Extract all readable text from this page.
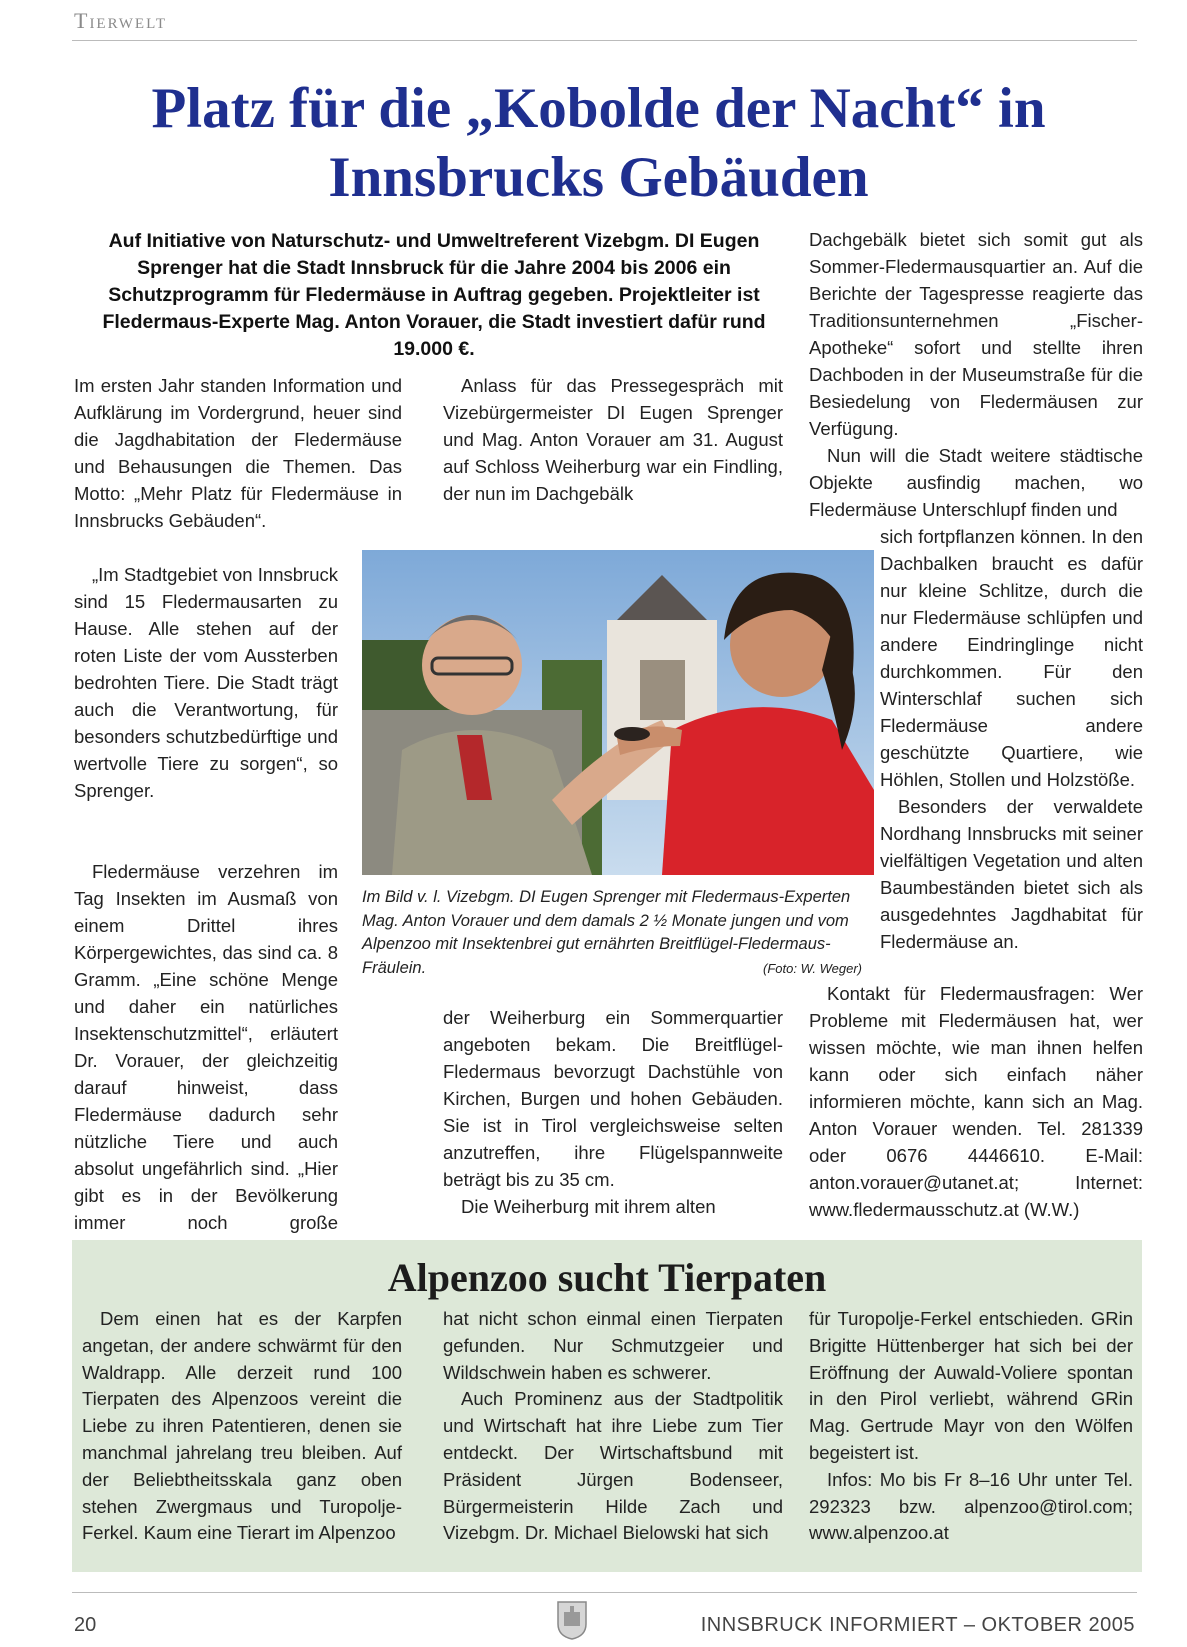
Tierwelt
Platz für die „Kobolde der Nacht“ in Innsbrucks Gebäuden
Auf Initiative von Naturschutz- und Umweltreferent Vizebgm. DI Eugen Sprenger hat die Stadt Innsbruck für die Jahre 2004 bis 2006 ein Schutzprogramm für Fledermäuse in Auftrag gegeben. Projektleiter ist Fledermaus-Experte Mag. Anton Vorauer, die Stadt investiert dafür rund 19.000 €.

Im ersten Jahr standen Information und Aufklärung im Vordergrund, heuer sind die Jagdhabitation der Fledermäuse und Behausungen die Themen. Das Motto: „Mehr Platz für Fledermäuse in Innsbrucks Gebäuden“.

„Im Stadtgebiet von Innsbruck sind 15 Fledermausarten zu Hause. Alle stehen auf der roten Liste der vom Aussterben bedrohten Tiere. Die Stadt trägt auch die Verantwortung, für besonders schutzbedürftige und wertvolle Tiere zu sorgen“, so Sprenger.

Fledermäuse verzehren im Tag Insekten im Ausmaß von einem Drittel ihres Körpergewichtes, das sind ca. 8 Gramm. „Eine schöne Menge und daher ein natürliches Insektenschutzmittel“, erläutert Dr. Vorauer, der gleichzeitig darauf hinweist, dass Fledermäuse dadurch sehr nützliche Tiere und auch absolut ungefährlich sind. „Hier gibt es in der Bevölkerung immer noch große

Anlass für das Pressegespräch mit Vizebürgermeister DI Eugen Sprenger und Mag. Anton Vorauer am 31. August auf Schloss Weiherburg war ein Findling, der nun im Dachgebälk

der Weiherburg ein Sommerquartier angeboten bekam. Die Breitflügel-Fledermaus bevorzugt Dachstühle von Kirchen, Burgen und hohen Gebäuden. Sie ist in Tirol vergleichsweise selten anzutreffen, ihre Flügelspannweite beträgt bis zu 35 cm.

Die Weiherburg mit ihrem alten

Dachgebälk bietet sich somit gut als Sommer-Fledermausquartier an. Auf die Berichte der Tagespresse reagierte das Traditionsunternehmen „Fischer-Apotheke“ sofort und stellte ihren Dachboden in der Museumstraße für die Besiedelung von Fledermäusen zur Verfügung.

Nun will die Stadt weitere städtische Objekte ausfindig machen, wo Fledermäuse Unterschlupf finden und

sich fortpflanzen können. In den Dachbalken braucht es dafür nur kleine Schlitze, durch die nur Fledermäuse schlüpfen und andere Eindringlinge nicht durchkommen. Für den Winterschlaf suchen sich Fledermäuse andere geschützte Quartiere, wie Höhlen, Stollen und Holzstöße.

Besonders der verwaldete Nordhang Innsbrucks mit seiner vielfältigen Vegetation und alten Baumbeständen bietet sich als ausgedehntes Jagdhabitat für Fledermäuse an.

Kontakt für Fledermausfragen: Wer Probleme mit Fledermäusen hat, wer wissen möchte, wie man ihnen helfen kann oder sich einfach näher informieren möchte, kann sich an Mag. Anton Vorauer wenden. Tel. 281339 oder 0676 4446610. E-Mail: anton.vorauer@utanet.at; Internet: www.fledermausschutz.at (W.W.)

Im Bild v. l. Vizebgm. DI Eugen Sprenger mit Fledermaus-Experten Mag. Anton Vorauer und dem damals 2 ½ Monate jungen und vom Alpenzoo mit Insektenbrei gut ernährten Breitflügel-Fledermaus-Fräulein.	(Foto: W. Weger)
Alpenzoo sucht Tierpaten

Dem einen hat es der Karpfen angetan, der andere schwärmt für den Waldrapp. Alle derzeit rund 100 Tierpaten des Alpenzoos vereint die Liebe zu ihren Patentieren, denen sie manchmal jahrelang treu bleiben. Auf der Beliebtheitsskala ganz oben stehen Zwergmaus und Turopolje-Ferkel. Kaum eine Tierart im Alpenzoo

hat nicht schon einmal einen Tierpaten gefunden. Nur Schmutzgeier und Wildschwein haben es schwerer.

Auch Prominenz aus der Stadtpolitik und Wirtschaft hat ihre Liebe zum Tier entdeckt. Der Wirtschaftsbund mit Präsident Jürgen Bodenseer, Bürgermeisterin Hilde Zach und Vizebgm. Dr. Michael Bielowski hat sich

für Turopolje-Ferkel entschieden. GRin Brigitte Hüttenberger hat sich bei der Eröffnung der Auwald-Voliere spontan in den Pirol verliebt, während GRin Mag. Gertrude Mayr von den Wölfen begeistert ist.

Infos: Mo bis Fr 8–16 Uhr unter Tel. 292323 bzw. alpenzoo@tirol.com; www.alpenzoo.at

20	INNSBRUCK INFORMIERT – OKTOBER 2005
